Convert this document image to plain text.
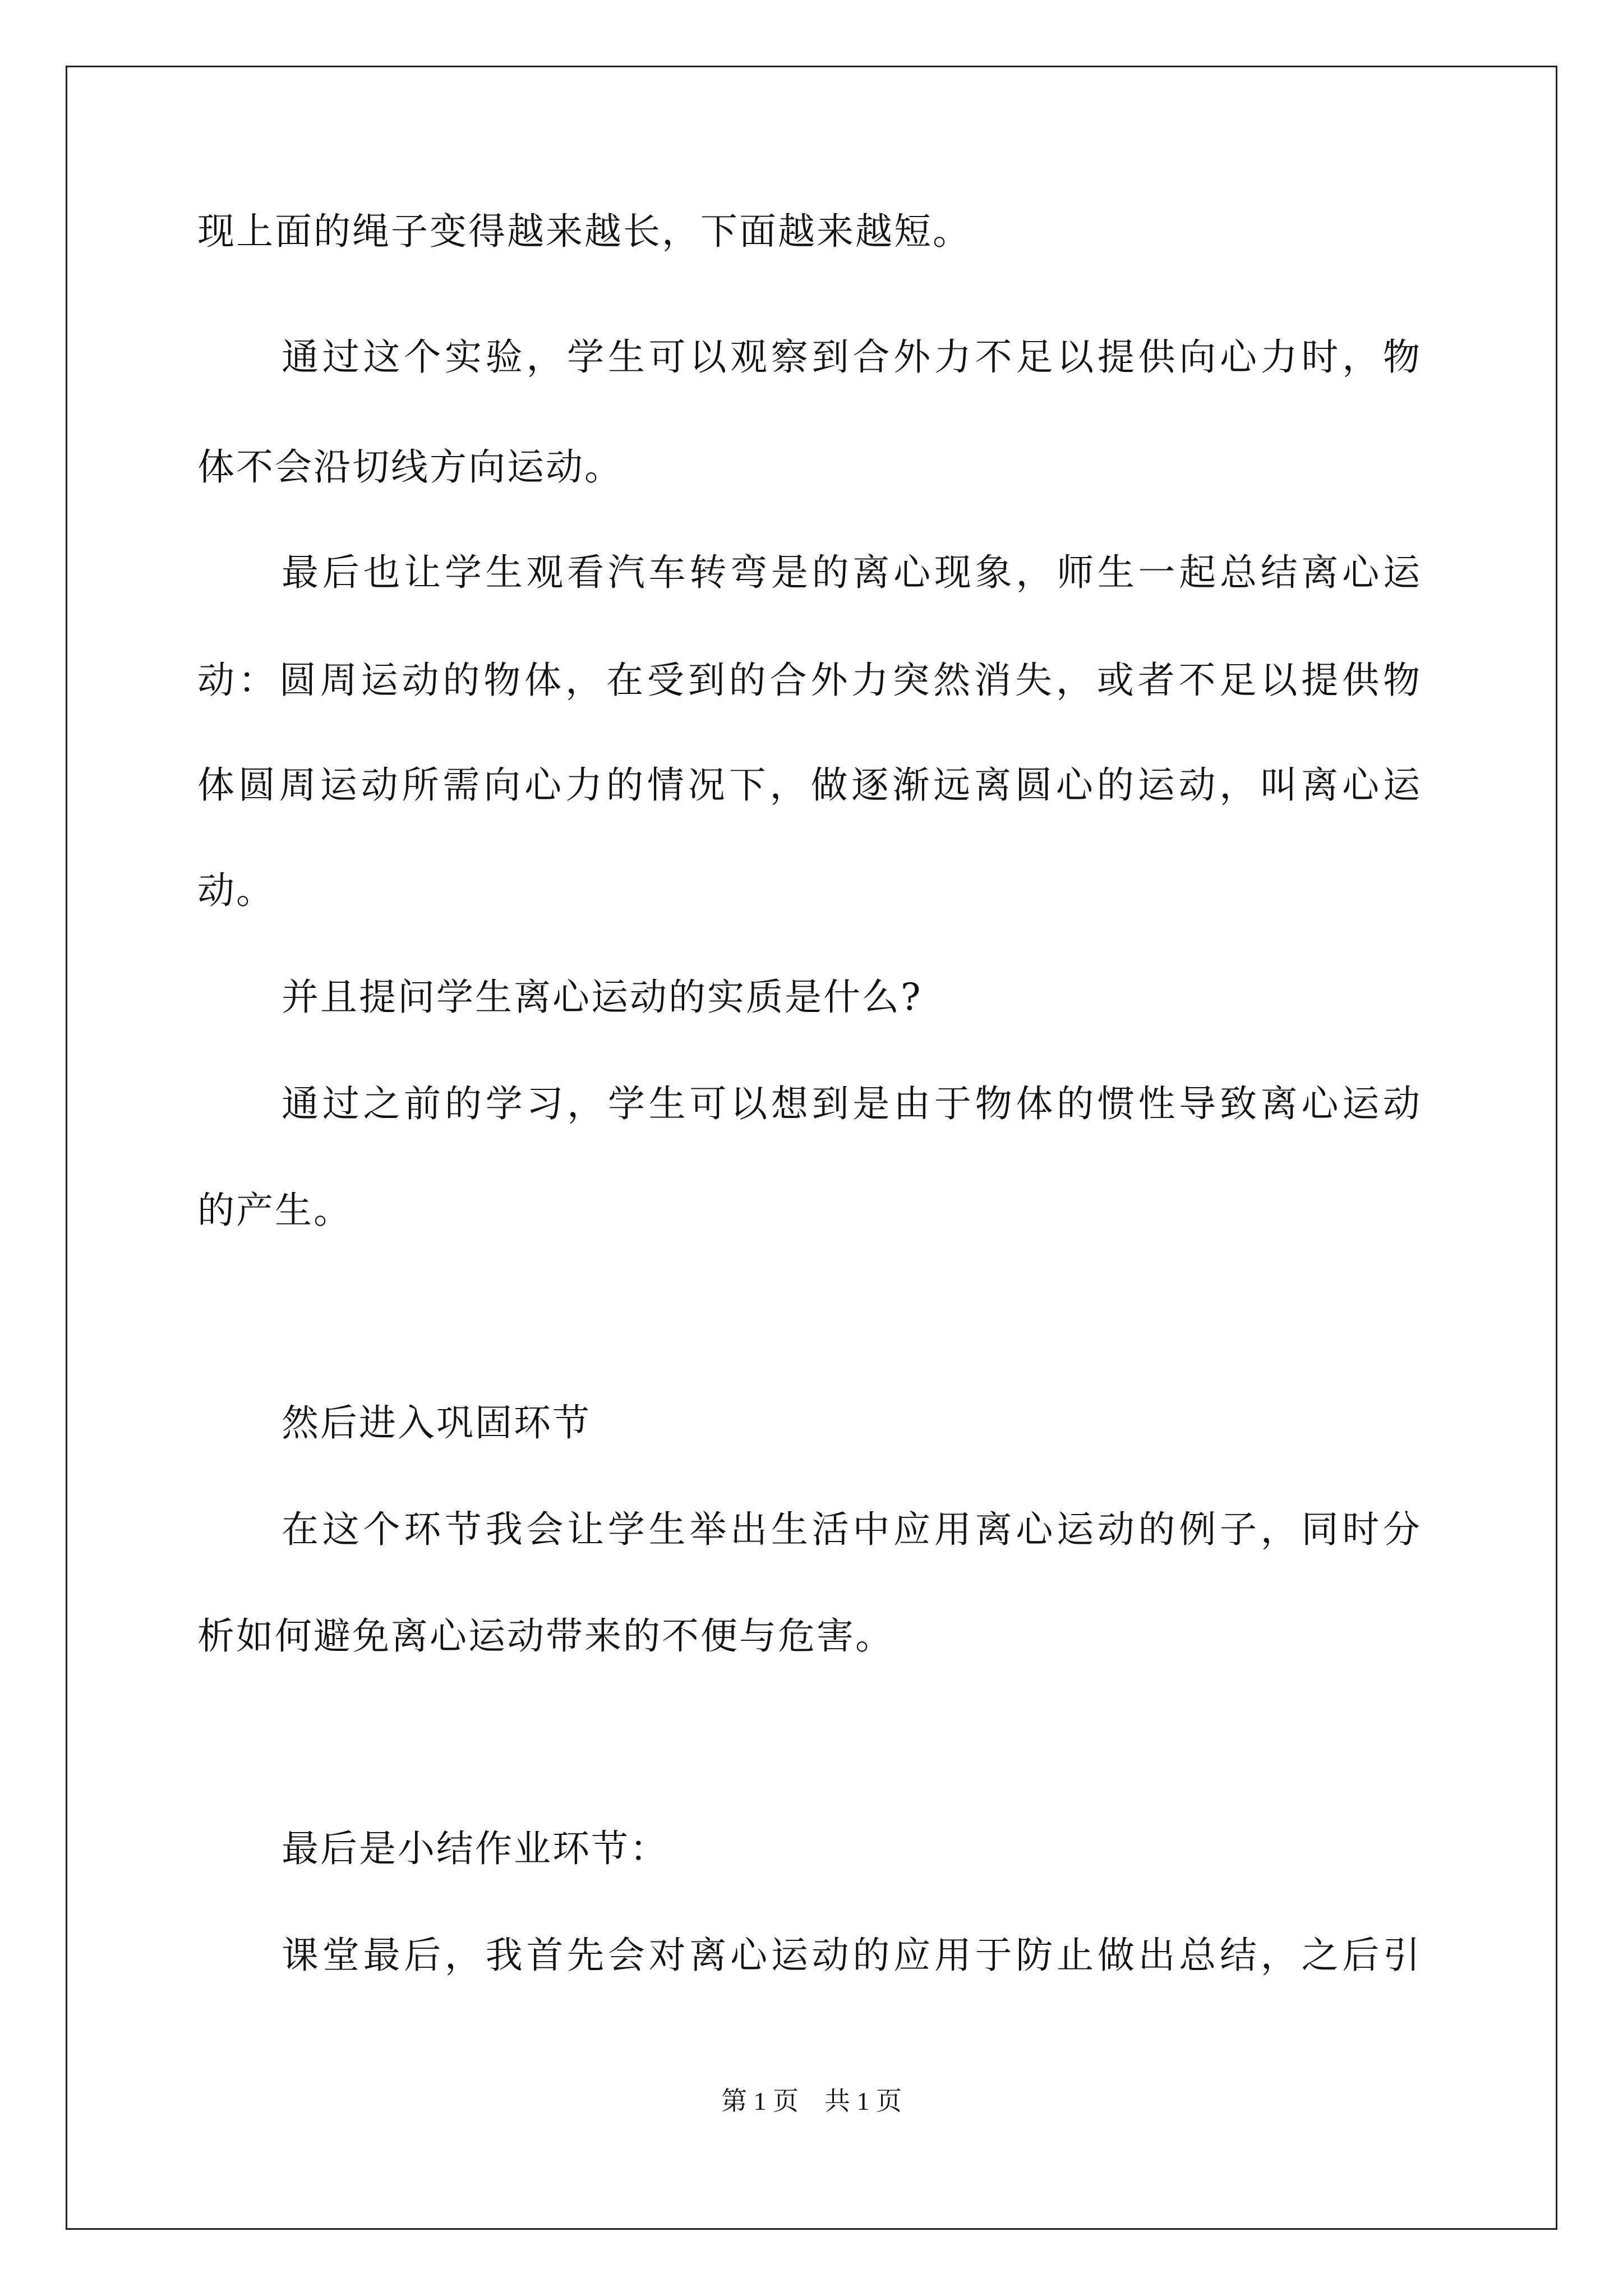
现上面的绳子变得越来越长，下面越来越短。
通过这个实验，学生可以观察到合外力不足以提供向心力时，物
体不会沿切线方向运动。
最后也让学生观看汽车转弯是的离心现象，师生一起总结离心运
动：圆周运动的物体，在受到的合外力突然消失，或者不足以提供物
体圆周运动所需向心力的情况下，做逐渐远离圆心的运动，叫离心运
动。
并且提问学生离心运动的实质是什么?
通过之前的学习，学生可以想到是由于物体的惯性导致离心运动
的产生。
然后进入巩固环节
在这个环节我会让学生举出生活中应用离心运动的例子，同时分
析如何避免离心运动带来的不便与危害。
最后是小结作业环节：
课堂最后，我首先会对离心运动的应用于防止做出总结，之后引
第 1 页　共 1 页
